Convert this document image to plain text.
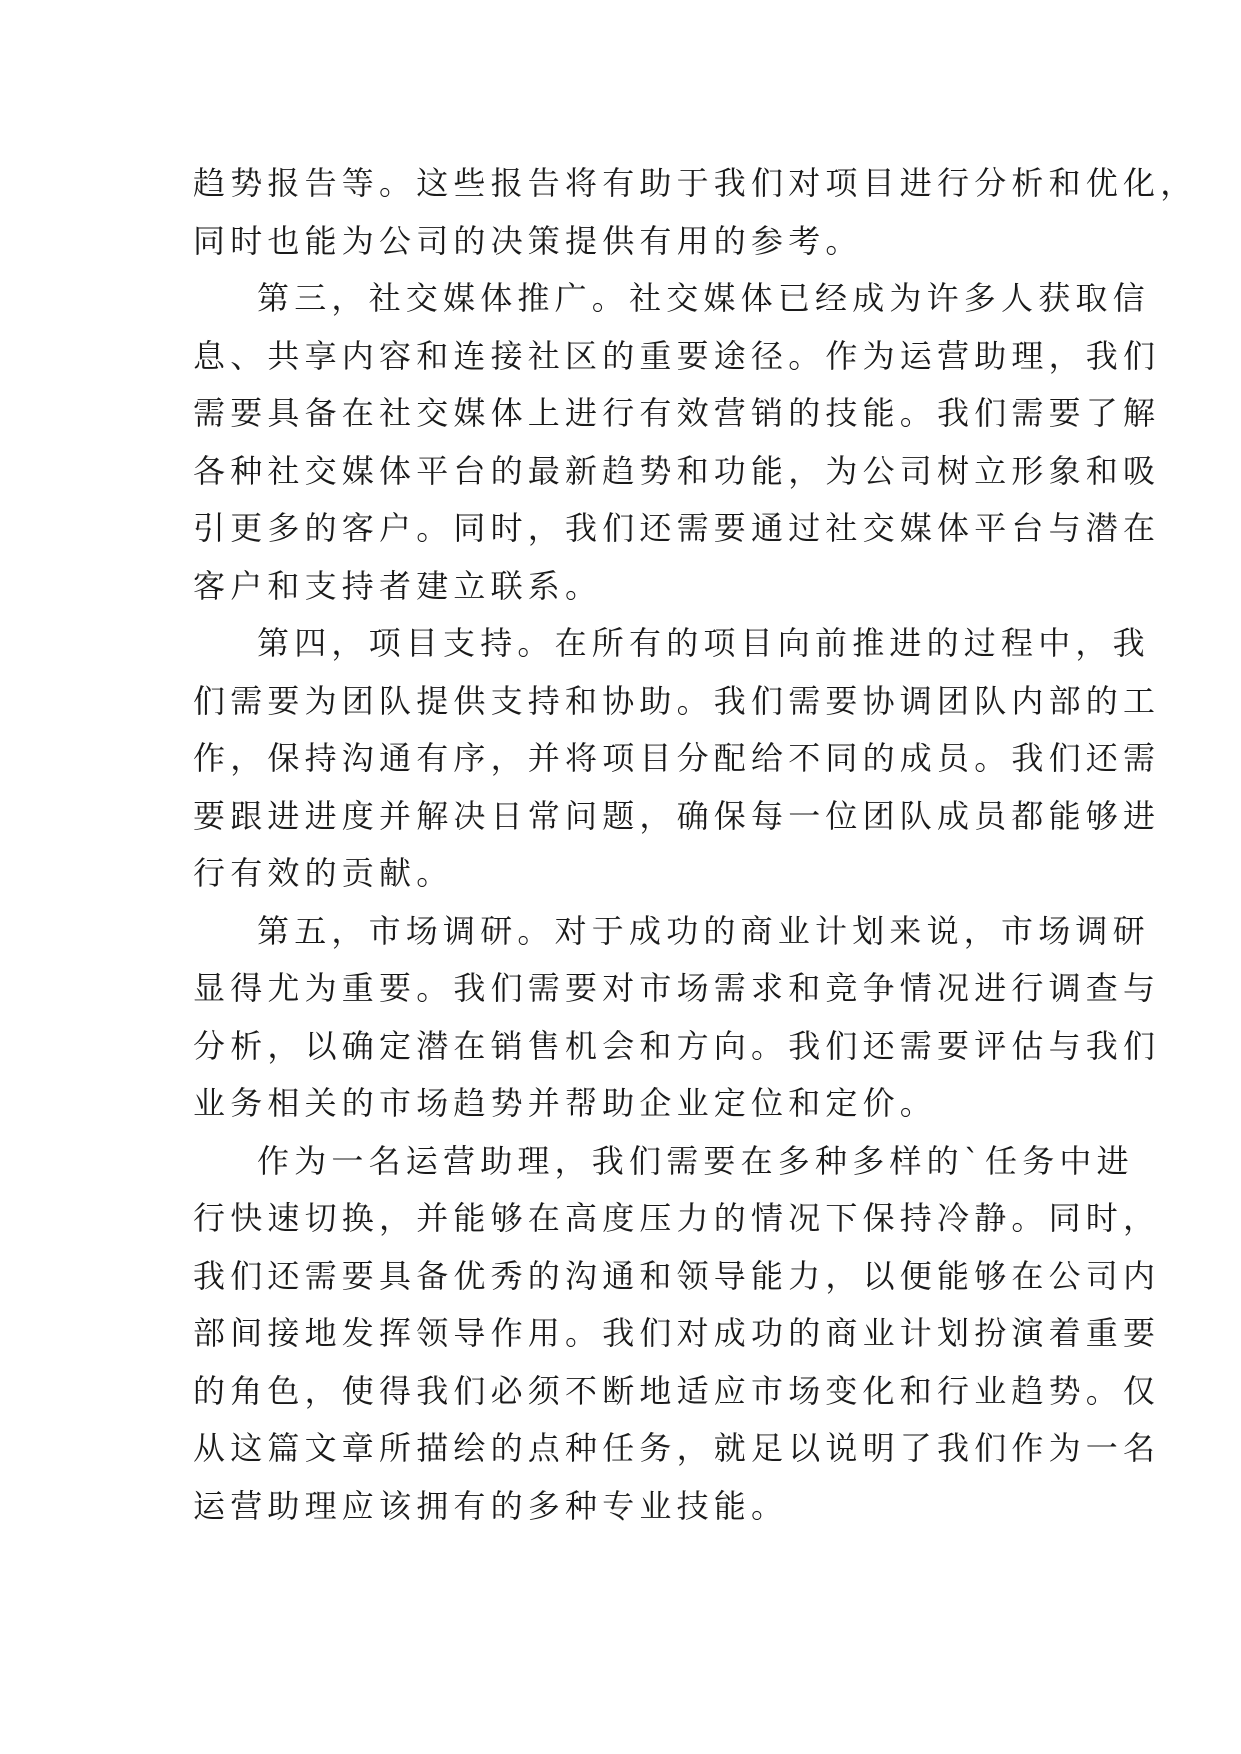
趋势报告等。这些报告将有助于我们对项目进行分析和优化，
同时也能为公司的决策提供有用的参考。
第三，社交媒体推广。社交媒体已经成为许多人获取信
息、共享内容和连接社区的重要途径。作为运营助理，我们
需要具备在社交媒体上进行有效营销的技能。我们需要了解
各种社交媒体平台的最新趋势和功能，为公司树立形象和吸
引更多的客户。同时，我们还需要通过社交媒体平台与潜在
客户和支持者建立联系。
第四，项目支持。在所有的项目向前推进的过程中，我
们需要为团队提供支持和协助。我们需要协调团队内部的工
作，保持沟通有序，并将项目分配给不同的成员。我们还需
要跟进进度并解决日常问题，确保每一位团队成员都能够进
行有效的贡献。
第五，市场调研。对于成功的商业计划来说，市场调研
显得尤为重要。我们需要对市场需求和竞争情况进行调查与
分析，以确定潜在销售机会和方向。我们还需要评估与我们
业务相关的市场趋势并帮助企业定位和定价。
作为一名运营助理，我们需要在多种多样的`任务中进
行快速切换，并能够在高度压力的情况下保持冷静。同时，
我们还需要具备优秀的沟通和领导能力，以便能够在公司内
部间接地发挥领导作用。我们对成功的商业计划扮演着重要
的角色，使得我们必须不断地适应市场变化和行业趋势。仅
从这篇文章所描绘的点种任务，就足以说明了我们作为一名
运营助理应该拥有的多种专业技能。
